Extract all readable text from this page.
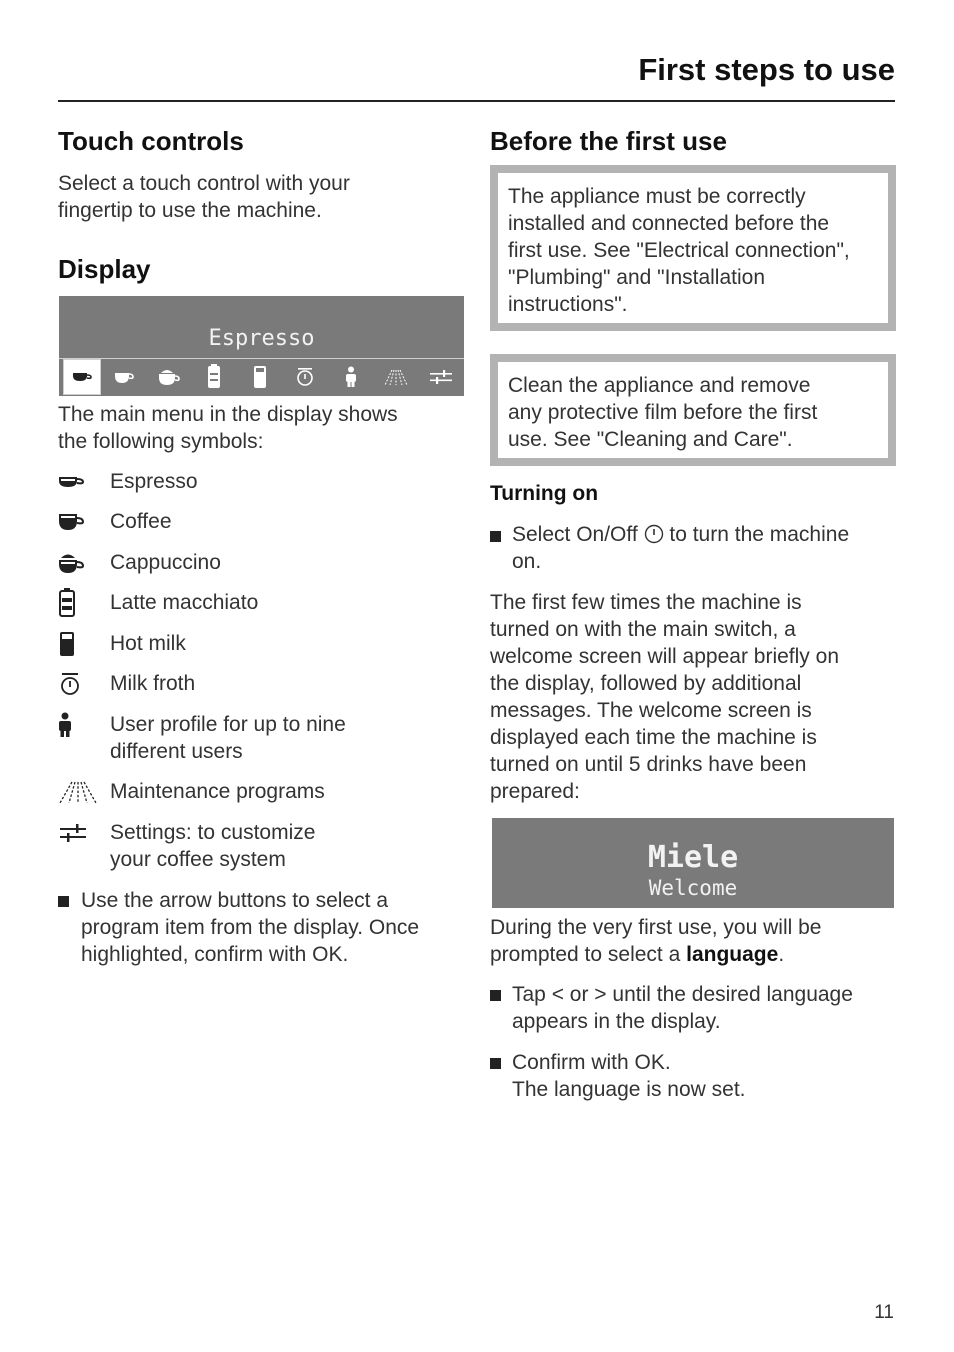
First steps to use
Touch controls

Select a touch control with your

fingertip to use the machine.

Display
Espresso

The main menu in the display shows

the following symbols:

Espresso
Coffee
Cappuccino
Latte macchiato
Hot milk
Milk froth
User profile for up to nine
different users
Maintenance programs
Settings: to customize
your coffee system

Use the arrow buttons to select a

program item from the display. Once

highlighted, confirm with OK.

Before the first use

The appliance must be correctly

installed and connected before the

first use. See "Electrical connection",

"Plumbing" and "Installation

instructions".

Clean the appliance and remove

any protective film before the first

use. See "Cleaning and Care".

Turning on

Select On/Off to turn the machine

on.

The first few times the machine is

turned on with the main switch, a

welcome screen will appear briefly on

the display, followed by additional

messages. The welcome screen is

displayed each time the machine is

turned on until 5 drinks have been

prepared:

Miele
Welcome

During the very first use, you will be

prompted to select a language.

Tap < or > until the desired language

appears in the display.

Confirm with OK.

The language is now set.

11
